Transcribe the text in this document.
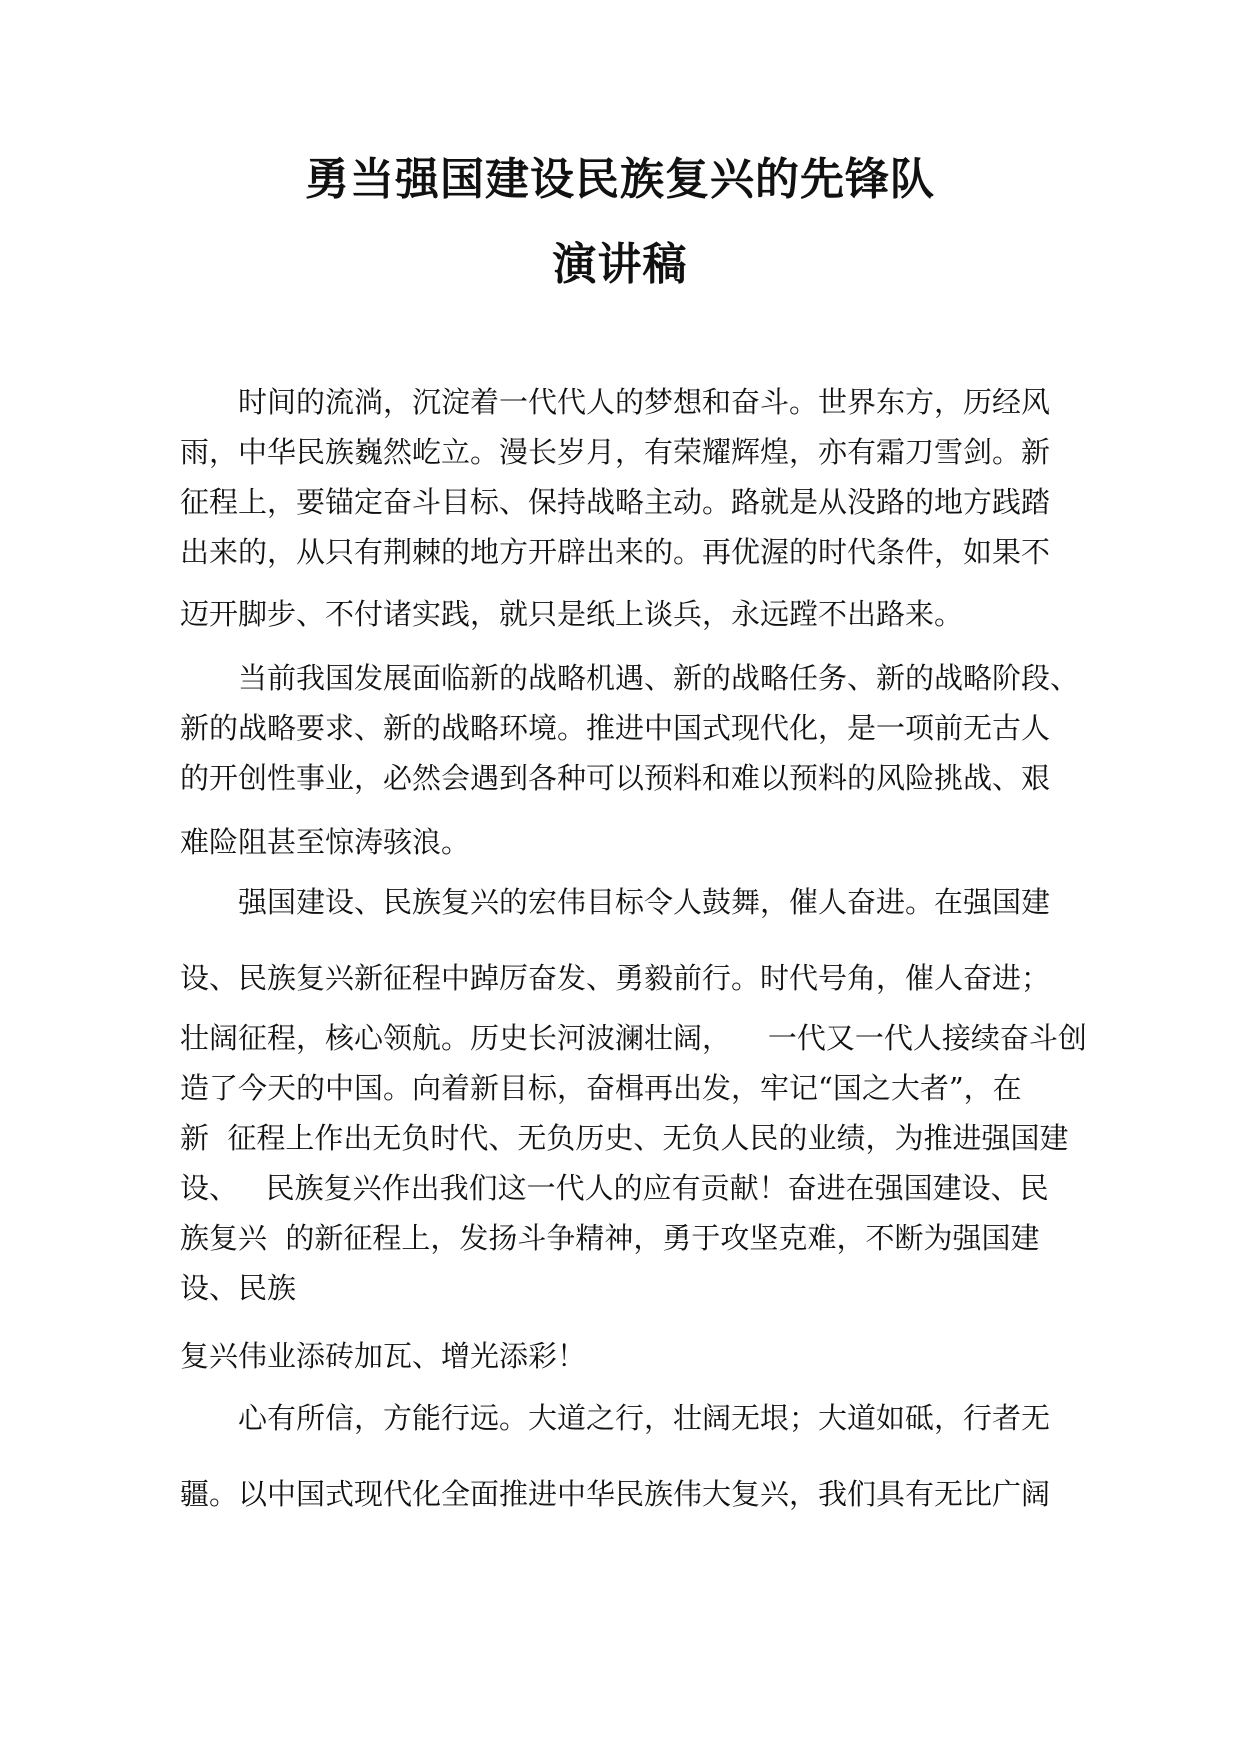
勇当强国建设民族复兴的先锋队
演讲稿
时间的流淌，沉淀着一代代人的梦想和奋斗。世界东方，历经风
雨，中华民族巍然屹立。漫长岁月，有荣耀辉煌，亦有霜刀雪剑。新
征程上，要锚定奋斗目标、保持战略主动。路就是从没路的地方践踏
出来的，从只有荆棘的地方开辟出来的。再优渥的时代条件，如果不
迈开脚步、不付诸实践，就只是纸上谈兵，永远蹚不出路来。
当前我国发展面临新的战略机遇、新的战略任务、新的战略阶段、
新的战略要求、新的战略环境。推进中国式现代化，是一项前无古人
的开创性事业，必然会遇到各种可以预料和难以预料的风险挑战、艰
难险阻甚至惊涛骇浪。
强国建设、民族复兴的宏伟目标令人鼓舞，催人奋进。在强国建
设、民族复兴新征程中踔厉奋发、勇毅前行。时代号角，催人奋进；
壮阔征程，核心领航。历史长河波澜壮阔，    一代又一代人接续奋斗创
造了今天的中国。向着新目标，奋楫再出发，牢记“国之大者”，在
新  征程上作出无负时代、无负历史、无负人民的业绩，为推进强国建
设、   民族复兴作出我们这一代人的应有贡献！奋进在强国建设、民
族复兴  的新征程上，发扬斗争精神，勇于攻坚克难，不断为强国建
设、民族
复兴伟业添砖加瓦、增光添彩！
心有所信，方能行远。大道之行，壮阔无垠；大道如砥，行者无
疆。以中国式现代化全面推进中华民族伟大复兴，我们具有无比广阔
